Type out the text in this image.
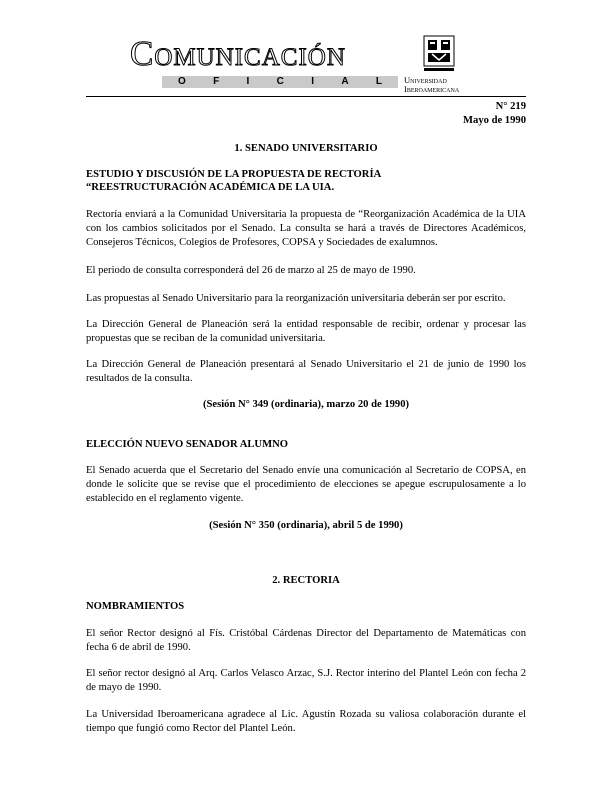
Comunicación
O	F	I	C	I	A	L	Universidad
Iberoamericana
N° 219
Mayo de 1990
1. SENADO UNIVERSITARIO
ESTUDIO Y DISCUSIÓN DE LA PROPUESTA DE RECTORÍA
“REESTRUCTURACIÓN ACADÉMICA DE LA UIA.

Rectoría enviará a la Comunidad Universitaria la propuesta de “Reorganización Académica de la UIA con los cambios solicitados por el Senado. La consulta se hará a través de Directores Académicos, Consejeros Técnicos, Colegios de Profesores, COPSA y Sociedades de exalumnos.

El periodo de consulta corresponderá del 26 de marzo al 25 de mayo de 1990.

Las propuestas al Senado Universitario para la reorganización universitaria deberán ser por escrito.

La Dirección General de Planeación será la entidad responsable de recibir, ordenar y procesar las propuestas que se reciban de la comunidad universitaria.

La Dirección General de Planeación presentará al Senado Universitario el 21 de junio de 1990 los resultados de la consulta.

(Sesión N° 349 (ordinaria), marzo 20 de 1990)
ELECCIÓN NUEVO SENADOR ALUMNO

El Senado acuerda que el Secretario del Senado envíe una comunicación al Secretario de COPSA, en donde le solicite que se revise que el procedimiento de elecciones se apegue escrupulosamente a lo establecido en el reglamento vigente.

(Sesión N° 350 (ordinaria), abril 5 de 1990)
2. RECTORIA
NOMBRAMIENTOS

El señor Rector designó al Fís. Cristóbal Cárdenas Director del Departamento de Matemáticas con fecha 6 de abril de 1990.

El señor rector designó al Arq. Carlos Velasco Arzac, S.J. Rector interino del Plantel León con fecha 2 de mayo de 1990.

La Universidad Iberoamericana agradece al Lic. Agustín Rozada su valiosa colaboración durante el tiempo que fungió como Rector del Plantel León.
